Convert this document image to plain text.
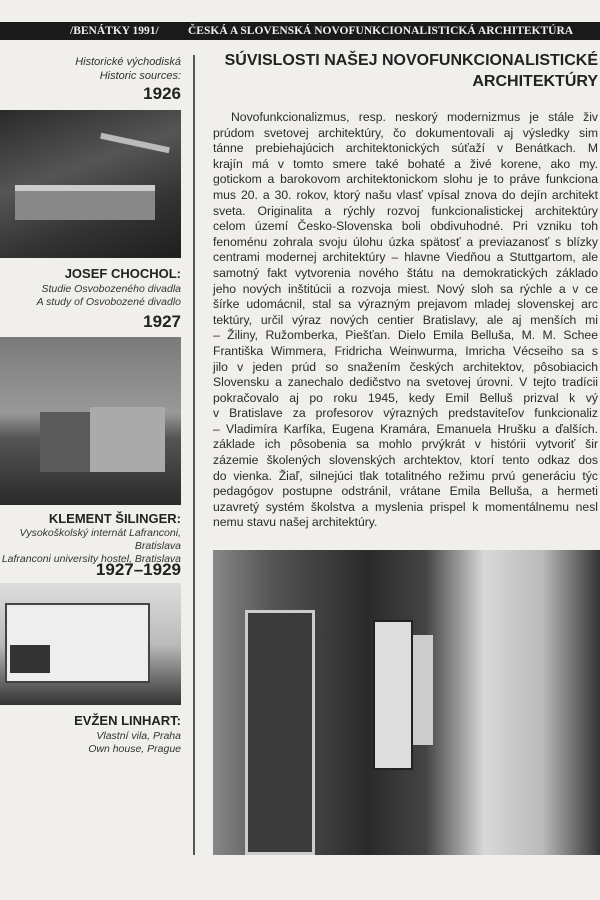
/BENÁTKY 1991/	ČESKÁ A SLOVENSKÁ NOVOFUNKCIONALISTICKÁ ARCHITEKTÚRA
Historické východiská
Historic sources:
1926
JOSEF CHOCHOL:
Studie Osvobozeného divadla
A study of Osvobozené divadlo
1927
KLEMENT ŠILINGER:
Vysokoškolský internát Lafranconi, Bratislava
Lafranconi university hostel, Bratislava
1927–1929
EVŽEN LINHART:
Vlastní vila, Praha
Own house, Prague
SÚVISLOSTI NAŠEJ NOVOFUNKCIONALISTICKÉ
ARCHITEKTÚRY
Novofunkcionalizmus, resp. neskorý modernizmus je stále živ
prúdom svetovej architektúry, čo dokumentovali aj výsledky sim
tánne prebiehajúcich architektonických súťaží v Benátkach. M
krajín má v tomto smere také bohaté a živé korene, ako my.
gotickom a barokovom architektonickom slohu je to práve funkciona
mus 20. a 30. rokov, ktorý našu vlasť vpísal znova do dejín architekt
sveta. Originalita a rýchly rozvoj funkcionalistickej architektúry
celom území Česko-Slovenska boli obdivuhodné. Pri vzniku toh
fenoménu zohrala svoju úlohu úzka spätosť a previazanosť s blízky
centrami modernej architektúry – hlavne Viedňou a Stuttgartom, ale
samotný fakt vytvorenia nového štátu na demokratických základo
jeho nových inštitúcii a rozvoja miest. Nový sloh sa rýchle a v ce
šírke udomácnil, stal sa výrazným prejavom mladej slovenskej arc
tektúry, určil výraz nových centier Bratislavy, ale aj menších mi
– Žiliny, Ružomberka, Piešťan. Dielo Emila Belluša, M. M. Schee
Františka Wimmera, Fridricha Weinwurma, Imricha Vécseiho sa s
jilo v jeden prúd so snažením českých architektov, pôsobiacich
Slovensku a zanechalo dedičstvo na svetovej úrovni. V tejto tradícii
pokračovalo aj po roku 1945, kedy Emil Belluš prizval k vý
v Bratislave za profesorov výrazných predstaviteľov funkcionaliz
– Vladimíra Karfíka, Eugena Kramára, Emanuela Hrušku a ďalších.
základe ich pôsobenia sa mohlo prvýkrát v histórii vytvoriť šir
zázemie školených slovenských archtektov, ktorí tento odkaz dos
do vienka. Žiaľ, silnejúci tlak totalitného režimu prvú generáciu týc
pedagógov postupne odstránil, vrátane Emila Belluša, a hermeti
uzavretý systém školstva a myslenia prispel k momentálnemu nesl
nemu stavu našej architektúry.
